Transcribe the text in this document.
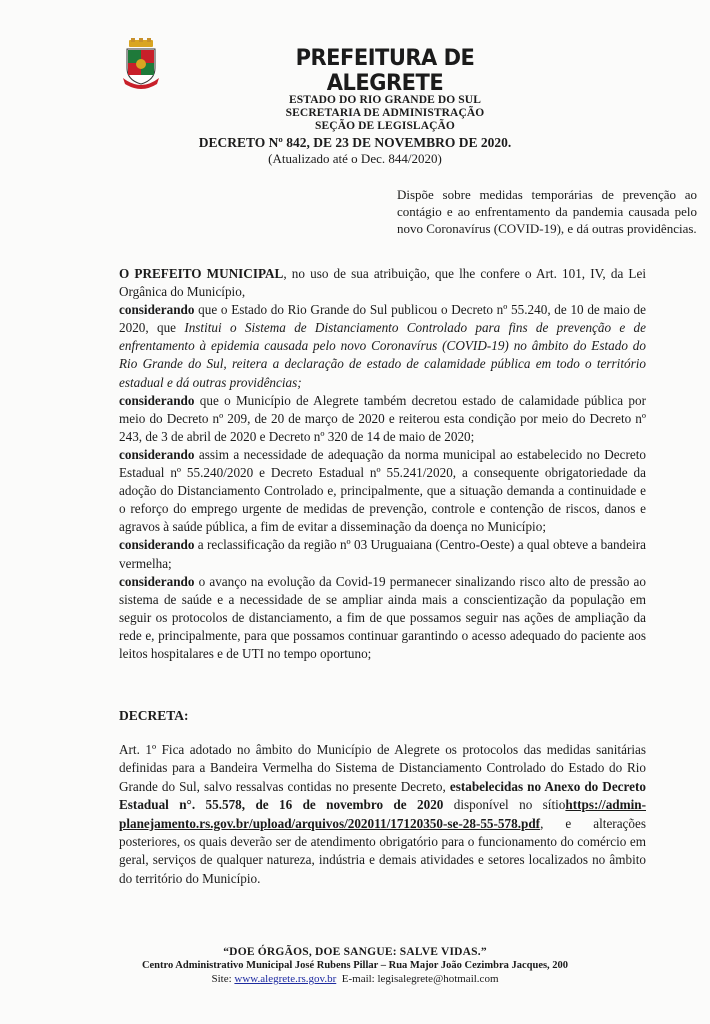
PREFEITURA DE ALEGRETE
ESTADO DO RIO GRANDE DO SUL
SECRETARIA DE ADMINISTRAÇÃO
SEÇÃO DE LEGISLAÇÃO
DECRETO Nº 842, DE 23 DE NOVEMBRO DE 2020.
(Atualizado até o Dec. 844/2020)
Dispõe sobre medidas temporárias de prevenção ao contágio e ao enfrentamento da pandemia causada pelo novo Coronavírus (COVID-19), e dá outras providências.

O PREFEITO MUNICIPAL, no uso de sua atribuição, que lhe confere o Art. 101, IV, da Lei Orgânica do Município,

considerando que o Estado do Rio Grande do Sul publicou o Decreto nº 55.240, de 10 de maio de 2020, que Institui o Sistema de Distanciamento Controlado para fins de prevenção e de enfrentamento à epidemia causada pelo novo Coronavírus (COVID-19) no âmbito do Estado do Rio Grande do Sul, reitera a declaração de estado de calamidade pública em todo o território estadual e dá outras providências;

considerando que o Município de Alegrete também decretou estado de calamidade pública por meio do Decreto nº 209, de 20 de março de 2020 e reiterou esta condição por meio do Decreto nº 243, de 3 de abril de 2020 e Decreto nº 320 de 14 de maio de 2020;

considerando assim a necessidade de adequação da norma municipal ao estabelecido no Decreto Estadual nº 55.240/2020 e Decreto Estadual nº 55.241/2020, a consequente obrigatoriedade da adoção do Distanciamento Controlado e, principalmente, que a situação demanda a continuidade e o reforço do emprego urgente de medidas de prevenção, controle e contenção de riscos, danos e agravos à saúde pública, a fim de evitar a disseminação da doença no Município;

considerando a reclassificação da região nº 03 Uruguaiana (Centro-Oeste) a qual obteve a bandeira vermelha;

considerando o avanço na evolução da Covid-19 permanecer sinalizando risco alto de pressão ao sistema de saúde e a necessidade de se ampliar ainda mais a conscientização da população em seguir os protocolos de distanciamento, a fim de que possamos seguir nas ações de ampliação da rede e, principalmente, para que possamos continuar garantindo o acesso adequado do paciente aos leitos hospitalares e de UTI no tempo oportuno;

DECRETA:
Art. 1º Fica adotado no âmbito do Município de Alegrete os protocolos das medidas sanitárias definidas para a Bandeira Vermelha do Sistema de Distanciamento Controlado do Estado do Rio Grande do Sul, salvo ressalvas contidas no presente Decreto, estabelecidas no Anexo do Decreto Estadual n°. 55.578, de 16 de novembro de 2020 disponível no sítiohttps://admin-planejamento.rs.gov.br/upload/arquivos/202011/17120350-se-28-55-578.pdf, e alterações posteriores, os quais deverão ser de atendimento obrigatório para o funcionamento do comércio em geral, serviços de qualquer natureza, indústria e demais atividades e setores localizados no âmbito do território do Município.
“DOE ÓRGÃOS, DOE SANGUE: SALVE VIDAS.”
Centro Administrativo Municipal José Rubens Pillar – Rua Major João Cezimbra Jacques, 200
Site: www.alegrete.rs.gov.br  E-mail: legisalegrete@hotmail.com
